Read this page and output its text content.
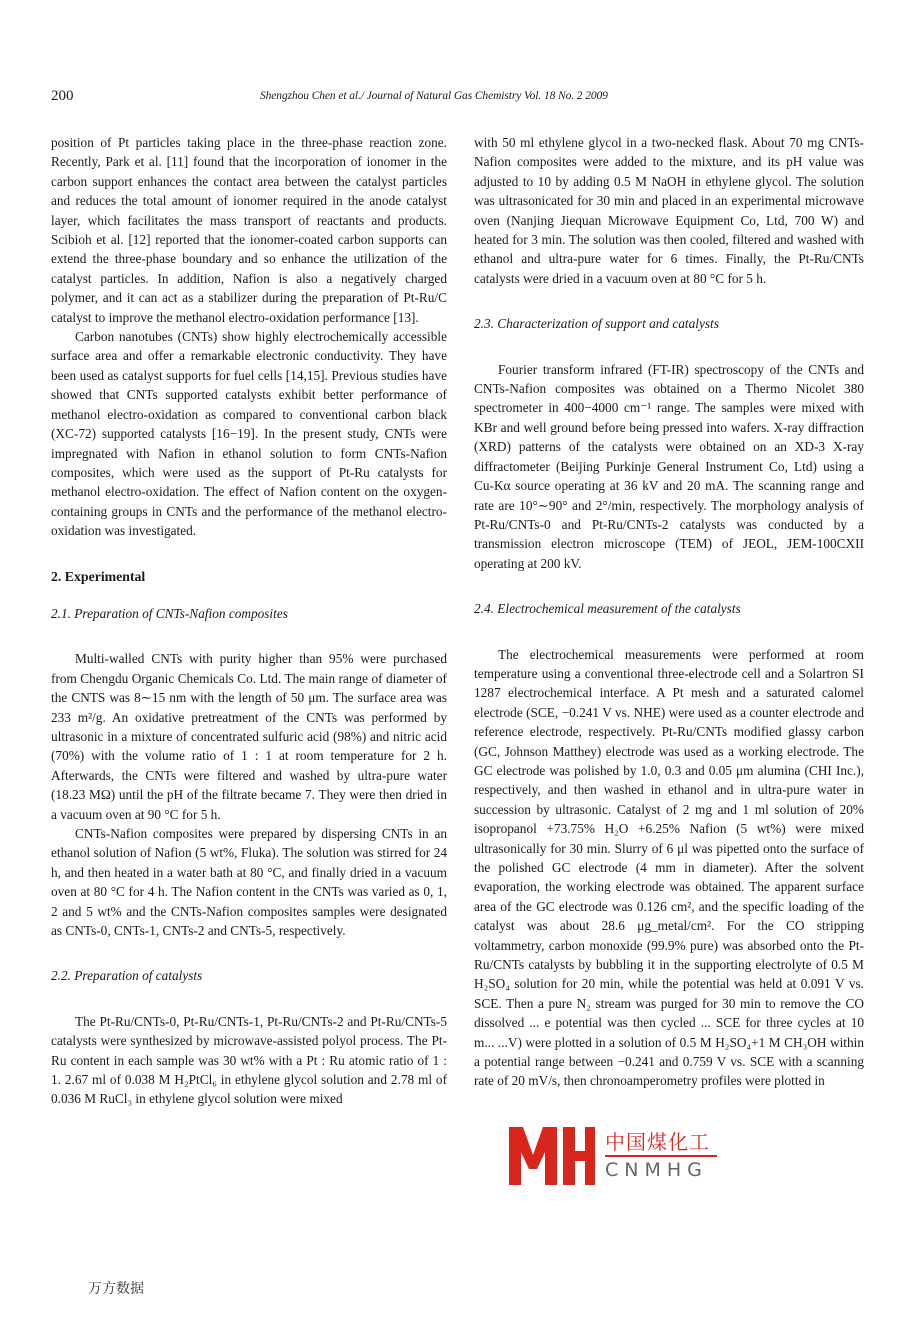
200	Shengzhou Chen et al./ Journal of Natural Gas Chemistry Vol. 18 No. 2 2009

position of Pt particles taking place in the three-phase reaction zone. Recently, Park et al. [11] found that the incorporation of ionomer in the carbon support enhances the contact area between the catalyst particles and reduces the total amount of ionomer required in the anode catalyst layer, which facilitates the mass transport of reactants and products. Scibioh et al. [12] reported that the ionomer-coated carbon supports can extend the three-phase boundary and so enhance the utilization of the catalyst particles. In addition, Nafion is also a negatively charged polymer, and it can act as a stabilizer during the preparation of Pt-Ru/C catalyst to improve the methanol electro-oxidation performance [13].

Carbon nanotubes (CNTs) show highly electrochemically accessible surface area and offer a remarkable electronic conductivity. They have been used as catalyst supports for fuel cells [14,15]. Previous studies have showed that CNTs supported catalysts exhibit better performance of methanol electro-oxidation as compared to conventional carbon black (XC-72) supported catalysts [16−19]. In the present study, CNTs were impregnated with Nafion in ethanol solution to form CNTs-Nafion composites, which were used as the support of Pt-Ru catalysts for methanol electro-oxidation. The effect of Nafion content on the oxygen-containing groups in CNTs and the performance of the methanol electro-oxidation was investigated.

2. Experimental

2.1. Preparation of CNTs-Nafion composites

Multi-walled CNTs with purity higher than 95% were purchased from Chengdu Organic Chemicals Co. Ltd. The main range of diameter of the CNTS was 8∼15 nm with the length of 50 μm. The surface area was 233 m²/g. An oxidative pretreatment of the CNTs was performed by ultrasonic in a mixture of concentrated sulfuric acid (98%) and nitric acid (70%) with the volume ratio of 1 : 1 at room temperature for 2 h. Afterwards, the CNTs were filtered and washed by ultra-pure water (18.23 MΩ) until the pH of the filtrate became 7. They were then dried in a vacuum oven at 90 °C for 5 h.

CNTs-Nafion composites were prepared by dispersing CNTs in an ethanol solution of Nafion (5 wt%, Fluka). The solution was stirred for 24 h, and then heated in a water bath at 80 °C, and finally dried in a vacuum oven at 80 °C for 4 h. The Nafion content in the CNTs was varied as 0, 1, 2 and 5 wt% and the CNTs-Nafion composites samples were designated as CNTs-0, CNTs-1, CNTs-2 and CNTs-5, respectively.

2.2. Preparation of catalysts

The Pt-Ru/CNTs-0, Pt-Ru/CNTs-1, Pt-Ru/CNTs-2 and Pt-Ru/CNTs-5 catalysts were synthesized by microwave-assisted polyol process. The Pt-Ru content in each sample was 30 wt% with a Pt : Ru atomic ratio of 1 : 1. 2.67 ml of 0.038 M H₂PtCl₆ in ethylene glycol solution and 2.78 ml of 0.036 M RuCl₃ in ethylene glycol solution were mixed

with 50 ml ethylene glycol in a two-necked flask. About 70 mg CNTs-Nafion composites were added to the mixture, and its pH value was adjusted to 10 by adding 0.5 M NaOH in ethylene glycol. The solution was ultrasonicated for 30 min and placed in an experimental microwave oven (Nanjing Jiequan Microwave Equipment Co, Ltd, 700 W) and heated for 3 min. The solution was then cooled, filtered and washed with ethanol and ultra-pure water for 6 times. Finally, the Pt-Ru/CNTs catalysts were dried in a vacuum oven at 80 °C for 5 h.

2.3. Characterization of support and catalysts

Fourier transform infrared (FT-IR) spectroscopy of the CNTs and CNTs-Nafion composites was obtained on a Thermo Nicolet 380 spectrometer in 400−4000 cm⁻¹ range. The samples were mixed with KBr and well ground before being pressed into wafers. X-ray diffraction (XRD) patterns of the catalysts were obtained on an XD-3 X-ray diffractometer (Beijing Purkinje General Instrument Co, Ltd) using a Cu-Kα source operating at 36 kV and 20 mA. The scanning range and rate are 10°∼90° and 2°/min, respectively. The morphology analysis of Pt-Ru/CNTs-0 and Pt-Ru/CNTs-2 catalysts was conducted by a transmission electron microscope (TEM) of JEOL, JEM-100CXII operating at 200 kV.

2.4. Electrochemical measurement of the catalysts

The electrochemical measurements were performed at room temperature using a conventional three-electrode cell and a Solartron SI 1287 electrochemical interface. A Pt mesh and a saturated calomel electrode (SCE, −0.241 V vs. NHE) were used as a counter electrode and reference electrode, respectively. Pt-Ru/CNTs modified glassy carbon (GC, Johnson Matthey) electrode was used as a working electrode. The GC electrode was polished by 1.0, 0.3 and 0.05 μm alumina (CHI Inc.), respectively, and then washed in ethanol and in ultra-pure water in succession by ultrasonic. Catalyst of 2 mg and 1 ml solution of 20% isopropanol +73.75% H₂O +6.25% Nafion (5 wt%) were mixed ultrasonically for 30 min. Slurry of 6 μl was pipetted onto the surface of the polished GC electrode (4 mm in diameter). After the solvent evaporation, the working electrode was obtained. The apparent surface area of the GC electrode was 0.126 cm², and the specific loading of the catalyst was about 28.6 μg_metal/cm². For the CO stripping voltammetry, carbon monoxide (99.9% pure) was absorbed onto the Pt-Ru/CNTs catalysts by bubbling it in the supporting electrolyte of 0.5 M H₂SO₄ solution for 20 min, while the potential was held at 0.091 V vs. SCE. Then a pure N₂ stream was purged for 30 min to remove the CO dissolved ... e potential was then cycled ... SCE for three cycles at 10 m... ...V) were plotted in a solution of 0.5 M H₂SO₄+1 M CH₃OH within a potential range between −0.241 and 0.759 V vs. SCE with a scanning rate of 20 mV/s, then chronoamperometry profiles were plotted in

中国煤化工
CNMHG
万方数据
